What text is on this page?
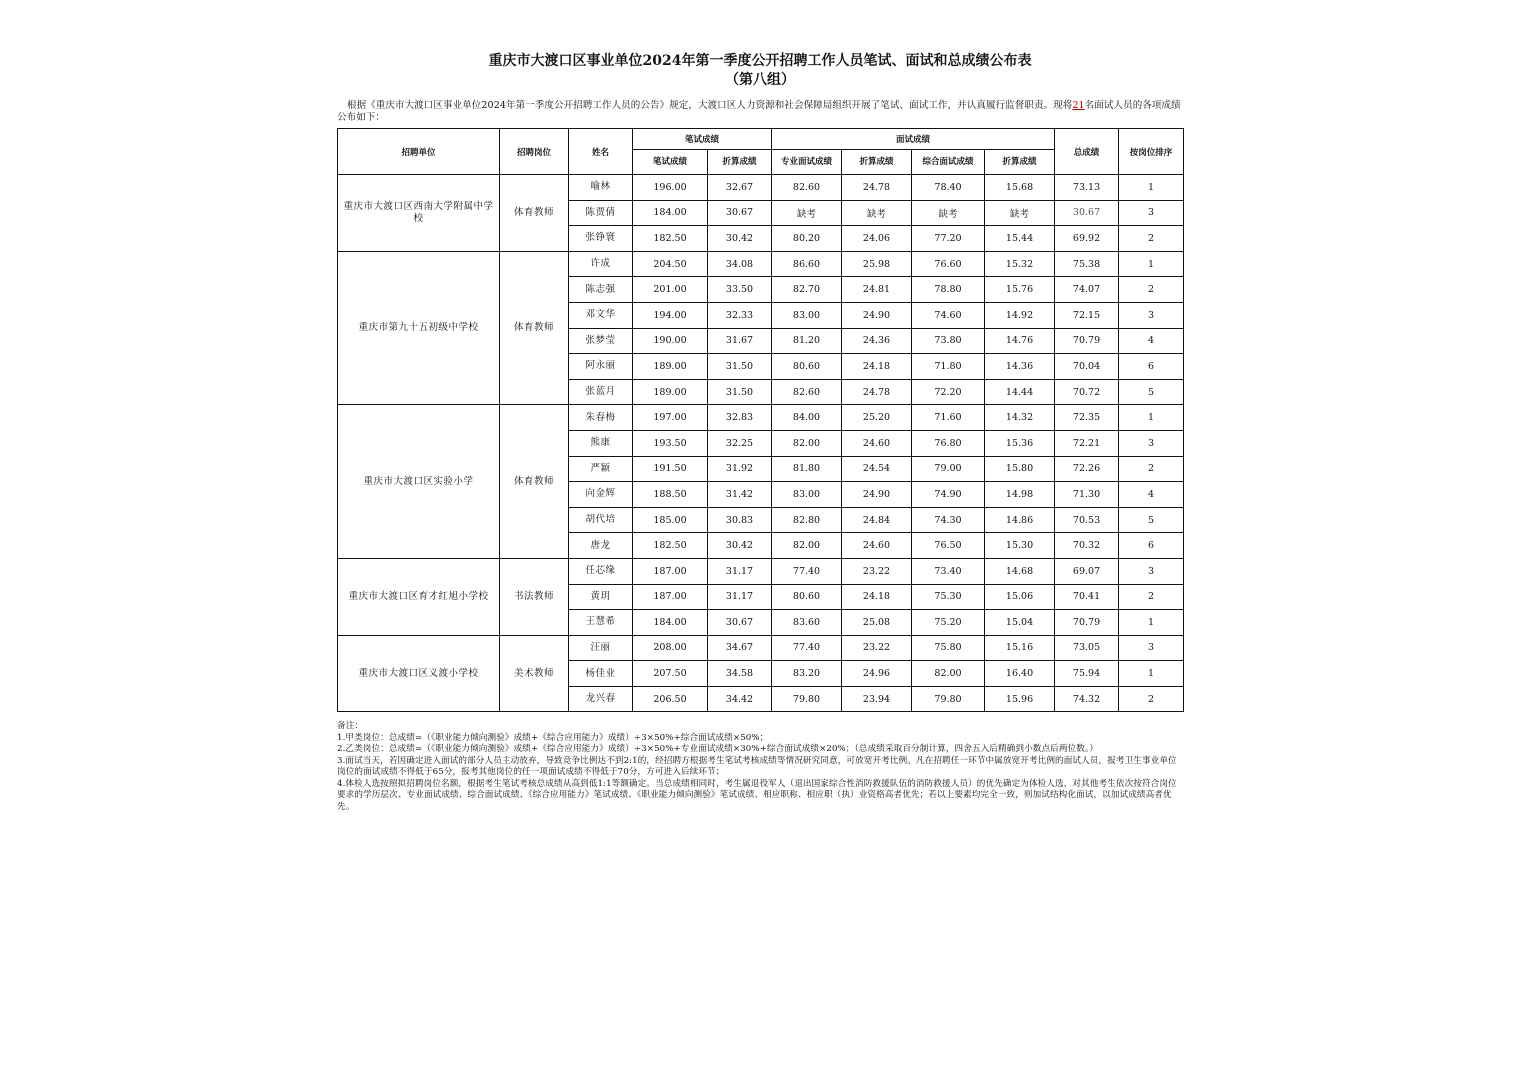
重庆市大渡口区事业单位2024年第一季度公开招聘工作人员笔试、面试和总成绩公布表
（第八组）
根据《重庆市大渡口区事业单位2024年第一季度公开招聘工作人员的公告》规定，大渡口区人力资源和社会保障局组织开展了笔试、面试工作，并认真履行监督职责。现将21名面试人员的各项成绩公布如下：
招聘单位	招聘岗位	姓名	笔试成绩		面试成绩				总成绩	按岗位排序
			笔试成绩	折算成绩	专业面试成绩	折算成绩	综合面试成绩	折算成绩		
重庆市大渡口区西南大学附属中学校	体育教师	喻林	196.00	32.67	82.60	24.78	78.40	15.68	73.13	1
		陈贾倩	184.00	30.67	缺考	缺考	缺考	缺考	30.67	3
		张铮寰	182.50	30.42	80.20	24.06	77.20	15.44	69.92	2
重庆市第九十五初级中学校	体育教师	许成	204.50	34.08	86.60	25.98	76.60	15.32	75.38	1
		陈志强	201.00	33.50	82.70	24.81	78.80	15.76	74.07	2
		邓文华	194.00	32.33	83.00	24.90	74.60	14.92	72.15	3
		张梦莹	190.00	31.67	81.20	24.36	73.80	14.76	70.79	4
		阿永丽	189.00	31.50	80.60	24.18	71.80	14.36	70.04	6
		张蓝月	189.00	31.50	82.60	24.78	72.20	14.44	70.72	5
重庆市大渡口区实验小学	体育教师	朱春梅	197.00	32.83	84.00	25.20	71.60	14.32	72.35	1
		熊康	193.50	32.25	82.00	24.60	76.80	15.36	72.21	3
		严颖	191.50	31.92	81.80	24.54	79.00	15.80	72.26	2
		向金辉	188.50	31.42	83.00	24.90	74.90	14.98	71.30	4
		胡代培	185.00	30.83	82.80	24.84	74.30	14.86	70.53	5
		唐龙	182.50	30.42	82.00	24.60	76.50	15.30	70.32	6
重庆市大渡口区育才红旭小学校	书法教师	任芯缘	187.00	31.17	77.40	23.22	73.40	14.68	69.07	3
		黄玥	187.00	31.17	80.60	24.18	75.30	15.06	70.41	2
		王慧希	184.00	30.67	83.60	25.08	75.20	15.04	70.79	1
重庆市大渡口区义渡小学校	美术教师	汪丽	208.00	34.67	77.40	23.22	75.80	15.16	73.05	3
		杨佳业	207.50	34.58	83.20	24.96	82.00	16.40	75.94	1
		龙兴春	206.50	34.42	79.80	23.94	79.80	15.96	74.32	2

备注：

1.甲类岗位：总成绩=（《职业能力倾向测验》成绩+《综合应用能力》成绩）÷3×50%+综合面试成绩×50%；

2.乙类岗位：总成绩=（《职业能力倾向测验》成绩+《综合应用能力》成绩）÷3×50%+专业面试成绩×30%+综合面试成绩×20%；（总成绩采取百分制计算，四舍五入后精确到小数点后两位数。）

3.面试当天，若因确定进入面试的部分人员主动放弃，导致竞争比例达不到2:1的，经招聘方根据考生笔试考核成绩等情况研究同意，可放宽开考比例。凡在招聘任一环节中属放宽开考比例的面试人员，报考卫生事业单位岗位的面试成绩不得低于65分，报考其他岗位的任一项面试成绩不得低于70分，方可进入后续环节；

4.体检人选按照拟招聘岗位名额，根据考生笔试考核总成绩从高到低1:1等额确定。当总成绩相同时，考生属退役军人（退出国家综合性消防救援队伍的消防救援人员）的优先确定为体检人选，对其他考生依次按符合岗位要求的学历层次、专业面试成绩、综合面试成绩、《综合应用能力》笔试成绩、《职业能力倾向测验》笔试成绩、相应职称、相应职（执）业资格高者优先；若以上要素均完全一致，则加试结构化面试，以加试成绩高者优先。
